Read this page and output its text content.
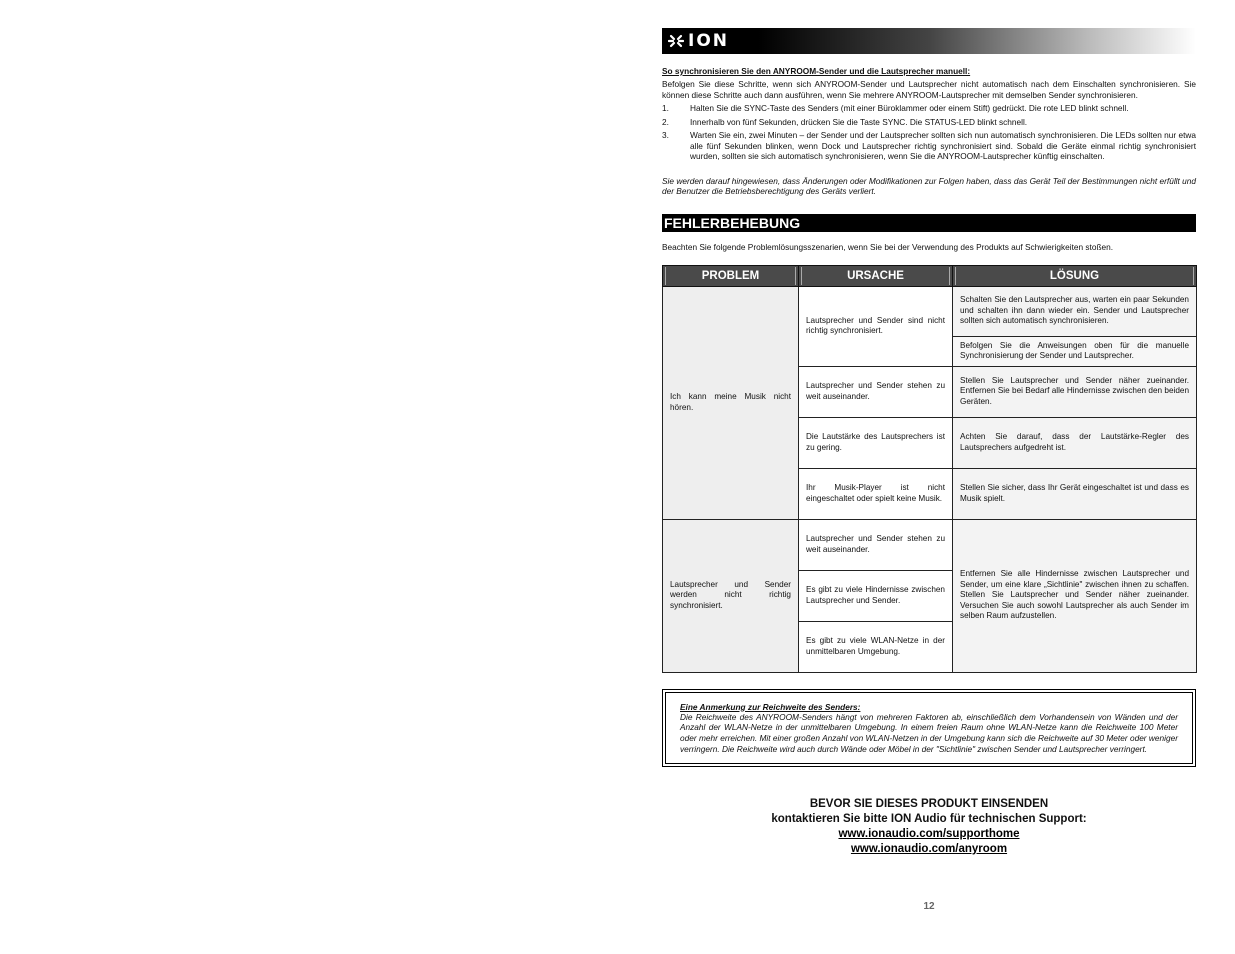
ION
So synchronisieren Sie den ANYROOM-Sender und die Lautsprecher manuell:

Befolgen Sie diese Schritte, wenn sich ANYROOM-Sender und Lautsprecher nicht automatisch nach dem Einschalten synchronisieren. Sie können diese Schritte auch dann ausführen, wenn Sie mehrere ANYROOM-Lautsprecher mit demselben Sender synchronisieren.

1.	Halten Sie die SYNC-Taste des Senders (mit einer Büroklammer oder einem Stift) gedrückt. Die rote LED blinkt schnell.
2.	Innerhalb von fünf Sekunden, drücken Sie die Taste SYNC. Die STATUS-LED blinkt schnell.
3.	Warten Sie ein, zwei Minuten – der Sender und der Lautsprecher sollten sich nun automatisch synchronisieren. Die LEDs sollten nur etwa alle fünf Sekunden blinken, wenn Dock und Lautsprecher richtig synchronisiert sind. Sobald die Geräte einmal richtig synchronisiert wurden, sollten sie sich automatisch synchronisieren, wenn Sie die ANYROOM-Lautsprecher künftig einschalten.

Sie werden darauf hingewiesen, dass Änderungen oder Modifikationen zur Folgen haben, dass das Gerät Teil der Bestimmungen nicht erfüllt und der Benutzer die Betriebsberechtigung des Geräts verliert.

FEHLERBEHEBUNG

Beachten Sie folgende Problemlösungsszenarien, wenn Sie bei der Verwendung des Produkts auf Schwierigkeiten stoßen.

PROBLEM	URSACHE	LÖSUNG

Ich kann meine Musik nicht hören.	Lautsprecher und Sender sind nicht richtig synchronisiert.	Schalten Sie den Lautsprecher aus, warten ein paar Sekunden und schalten ihn dann wieder ein. Sender und Lautsprecher sollten sich automatisch synchronisieren.
		Befolgen Sie die Anweisungen oben für die manuelle Synchronisierung der Sender und Lautsprecher.
	Lautsprecher und Sender stehen zu weit auseinander.	Stellen Sie Lautsprecher und Sender näher zueinander. Entfernen Sie bei Bedarf alle Hindernisse zwischen den beiden Geräten.
	Die Lautstärke des Lautsprechers ist zu gering.	Achten Sie darauf, dass der Lautstärke-Regler des Lautsprechers aufgedreht ist.
	Ihr Musik-Player ist nicht eingeschaltet oder spielt keine Musik.	Stellen Sie sicher, dass Ihr Gerät eingeschaltet ist und dass es Musik spielt.
Lautsprecher und Sender werden nicht richtig synchronisiert.	Lautsprecher und Sender stehen zu weit auseinander.	Entfernen Sie alle Hindernisse zwischen Lautsprecher und Sender, um eine klare „Sichtlinie" zwischen ihnen zu schaffen. Stellen Sie Lautsprecher und Sender näher zueinander. Versuchen Sie auch sowohl Lautsprecher als auch Sender im selben Raum aufzustellen.
	Es gibt zu viele Hindernisse zwischen Lautsprecher und Sender.	
	Es gibt zu viele WLAN-Netze in der unmittelbaren Umgebung.	
Eine Anmerkung zur Reichweite des Senders:
Die Reichweite des ANYROOM-Senders hängt von mehreren Faktoren ab, einschließlich dem Vorhandensein von Wänden und der Anzahl der WLAN-Netze in der unmittelbaren Umgebung. In einem freien Raum ohne WLAN-Netze kann die Reichweite 100 Meter oder mehr erreichen. Mit einer großen Anzahl von WLAN-Netzen in der Umgebung kann sich die Reichweite auf 30 Meter oder weniger verringern. Die Reichweite wird auch durch Wände oder Möbel in der "Sichtlinie" zwischen Sender und Lautsprecher verringert.
BEVOR SIE DIESES PRODUKT EINSENDEN
kontaktieren Sie bitte ION Audio für technischen Support:
www.ionaudio.com/supporthome
www.ionaudio.com/anyroom
12
